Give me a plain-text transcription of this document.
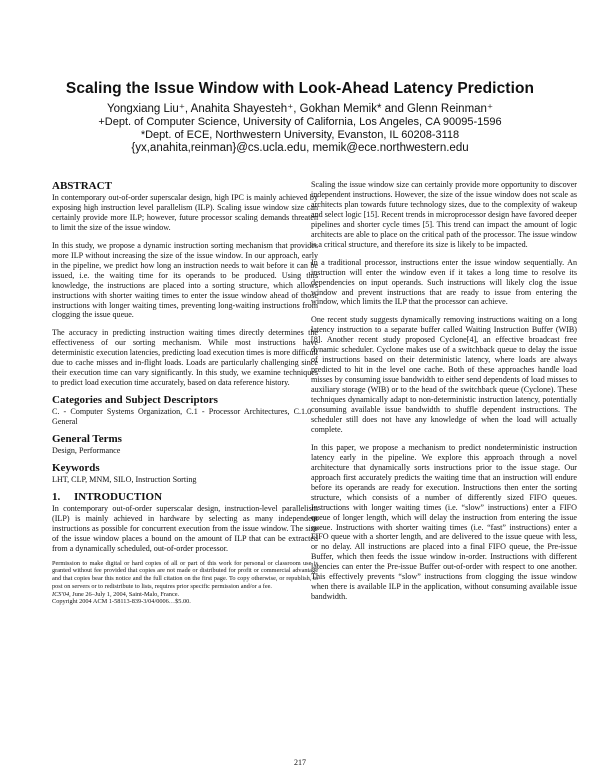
Scaling the Issue Window with Look-Ahead Latency Prediction
Yongxiang Liu⁺, Anahita Shayesteh⁺, Gokhan Memik* and Glenn Reinman⁺
+Dept. of Computer Science, University of California, Los Angeles, CA 90095-1596
*Dept. of ECE, Northwestern University, Evanston, IL 60208-3118
{yx,anahita,reinman}@cs.ucla.edu, memik@ece.northwestern.edu
ABSTRACT

In contemporary out-of-order superscalar design, high IPC is mainly achieved by exposing high instruction level parallelism (ILP). Scaling issue window size can certainly provide more ILP; however, future processor scaling demands threaten to limit the size of the issue window.

In this study, we propose a dynamic instruction sorting mechanism that provides more ILP without increasing the size of the issue window. In our approach, early in the pipeline, we predict how long an instruction needs to wait before it can be issued, i.e. the waiting time for its operands to be produced. Using this knowledge, the instructions are placed into a sorting structure, which allows instructions with shorter waiting times to enter the issue window ahead of those instructions with longer waiting times, preventing long-waiting instructions from clogging the issue queue.

The accuracy in predicting instruction waiting times directly determines the effectiveness of our sorting mechanism. While most instructions have deterministic execution latencies, predicting load execution times is more difficult due to cache misses and in-flight loads. Loads are particularly challenging since their execution time can vary significantly. In this study, we examine techniques to predict load execution time accurately, based on data reference history.

Categories and Subject Descriptors

C. - Computer Systems Organization, C.1 - Processor Architectures, C.1.0 -General

General Terms

Design, Performance

Keywords

LHT, CLP, MNM, SILO, Instruction Sorting

1.     INTRODUCTION

In contemporary out-of-order superscalar design, instruction-level parallelism (ILP) is mainly achieved in hardware by selecting as many independent instructions as possible for concurrent execution from the issue window. The size of the issue window places a bound on the amount of ILP that can be extracted from a dynamically scheduled, out-of-order processor.

Permission to make digital or hard copies of all or part of this work for personal or classroom use is granted without fee provided that copies are not made or distributed for profit or commercial advantage and that copies bear this notice and the full citation on the first page. To copy otherwise, or republish, to post on servers or to redistribute to lists, requires prior specific permission and/or a fee.
ICS'04, June 26–July 1, 2004, Saint-Malo, France.
Copyright 2004 ACM 1-58113-839-3/04/0006…$5.00.

Scaling the issue window size can certainly provide more opportunity to discover independent instructions. However, the size of the issue window does not scale as architects plan towards future technology sizes, due to the complexity of wakeup and select logic [15]. Recent trends in microprocessor design have favored deeper pipelines and shorter cycle times [5]. This trend can impact the amount of logic architects are able to place on the critical path of the processor. The issue window is a critical structure, and therefore its size is likely to be impacted.

In a traditional processor, instructions enter the issue window sequentially. An instruction will enter the window even if it takes a long time to resolve its dependencies on input operands. Such instructions will likely clog the issue window and prevent instructions that are ready to issue from entering the window, which limits the ILP that the processor can achieve.

One recent study suggests dynamically removing instructions waiting on a long latency instruction to a separate buffer called Waiting Instruction Buffer (WIB) [8]. Another recent study proposed Cyclone[4], an effective broadcast free dynamic scheduler. Cyclone makes use of a switchback queue to delay the issue of instructions based on their deterministic latency, where loads are always predicted to hit in the level one cache. Both of these approaches handle load misses by consuming issue bandwidth to either send dependents of load misses to auxiliary storage (WIB) or to the head of the switchback queue (Cyclone). These techniques dynamically adapt to non-deterministic instruction latency, potentially consuming available issue bandwidth to shuffle dependent instructions. The scheduler still does not have any knowledge of when the load will actually complete.

In this paper, we propose a mechanism to predict nondeterministic instruction latency early in the pipeline. We explore this approach through a novel architecture that dynamically sorts instructions prior to the issue stage. Our approach first accurately predicts the waiting time that an instruction will endure before its operands are ready for execution. Instructions then enter the sorting structure, which consists of a number of differently sized FIFO queues. Instructions with longer waiting times (i.e. “slow” instructions) enter a FIFO queue of longer length, which will delay the instruction from entering the issue queue. Instructions with shorter waiting times (i.e. “fast” instructions) enter a FIFO queue with a shorter length, and are delivered to the issue queue with less, or no delay. All instructions are placed into a final FIFO queue, the Pre-issue Buffer, which then feeds the issue window in-order. Instructions with different latencies can enter the Pre-issue Buffer out-of-order with respect to one another. This effectively prevents “slow” instructions from clogging the issue window when there is available ILP in the application, without consuming available issue bandwidth.

217
